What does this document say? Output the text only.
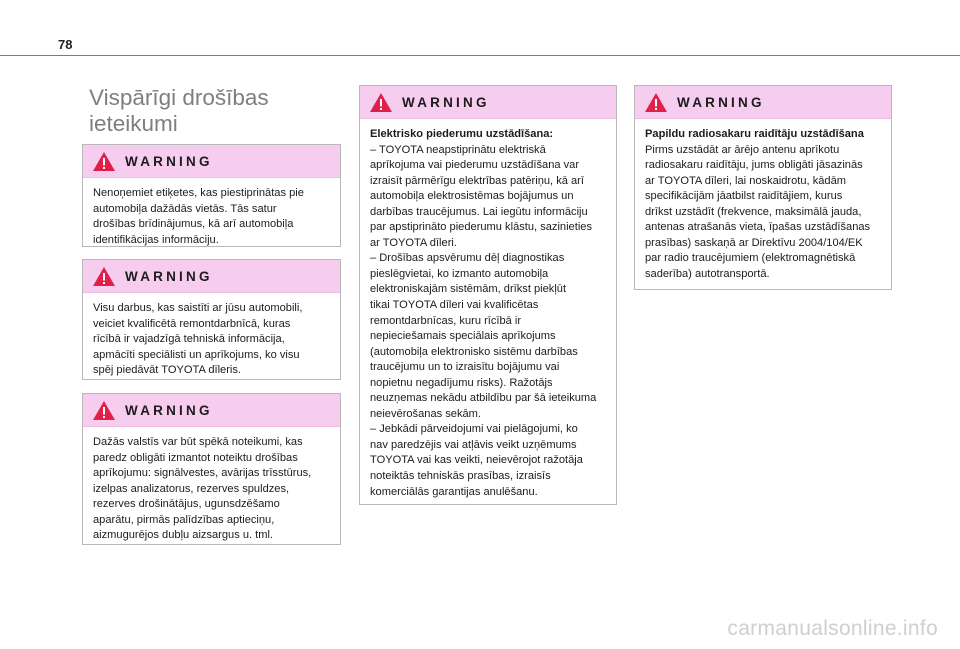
78
Vispārīgi drošības ieteikumi
WARNING

Nenoņemiet etiķetes, kas piestiprinātas pie

automobiļa dažādās vietās. Tās satur

drošības brīdinājumus, kā arī automobiļa

identifikācijas informāciju.

WARNING

Visu darbus, kas saistīti ar jūsu automobili,

veiciet kvalificētā remontdarbnīcā, kuras

rīcībā ir vajadzīgā tehniskā informācija,

apmācīti speciālisti un aprīkojums, ko visu

spēj piedāvāt TOYOTA dīleris.

WARNING

Dažās valstīs var būt spēkā noteikumi, kas

paredz obligāti izmantot noteiktu drošības

aprīkojumu: signālvestes, avārijas trīsstūrus,

izelpas analizatorus, rezerves spuldzes,

rezerves drošinātājus, ugunsdzēšamo

aparātu, pirmās palīdzības aptieciņu,

aizmugurējos dubļu aizsargus u. tml.

WARNING

Elektrisko piederumu uzstādīšana:

– TOYOTA neapstiprinātu elektriskā

aprīkojuma vai piederumu uzstādīšana var

izraisīt pārmērīgu elektrības patēriņu, kā arī

automobiļa elektrosistēmas bojājumus un

darbības traucējumus. Lai iegūtu informāciju

par apstiprināto piederumu klāstu, sazinieties

ar TOYOTA dīleri.

– Drošības apsvērumu dēļ diagnostikas

pieslēgvietai, ko izmanto automobiļa

elektroniskajām sistēmām, drīkst piekļūt

tikai TOYOTA dīleri vai kvalificētas

remontdarbnīcas, kuru rīcībā ir

nepieciešamais speciālais aprīkojums

(automobiļa elektronisko sistēmu darbības

traucējumu un to izraisītu bojājumu vai

nopietnu negadījumu risks). Ražotājs

neuzņemas nekādu atbildību par šā ieteikuma

neievērošanas sekām.

– Jebkādi pārveidojumi vai pielāgojumi, ko

nav paredzējis vai atļāvis veikt uzņēmums

TOYOTA vai kas veikti, neievērojot ražotāja

noteiktās tehniskās prasības, izraisīs

komerciālās garantijas anulēšanu.

WARNING

Papildu radiosakaru raidītāju uzstādīšana

Pirms uzstādāt ar ārējo antenu aprīkotu

radiosakaru raidītāju, jums obligāti jāsazinās

ar TOYOTA dīleri, lai noskaidrotu, kādām

specifikācijām jāatbilst raidītājiem, kurus

drīkst uzstādīt (frekvence, maksimālā jauda,

antenas atrašanās vieta, īpašas uzstādīšanas

prasības) saskaņā ar Direktīvu 2004/104/EK

par radio traucējumiem (elektromagnētiskā

saderība) autotransportā.

carmanualsonline.info
